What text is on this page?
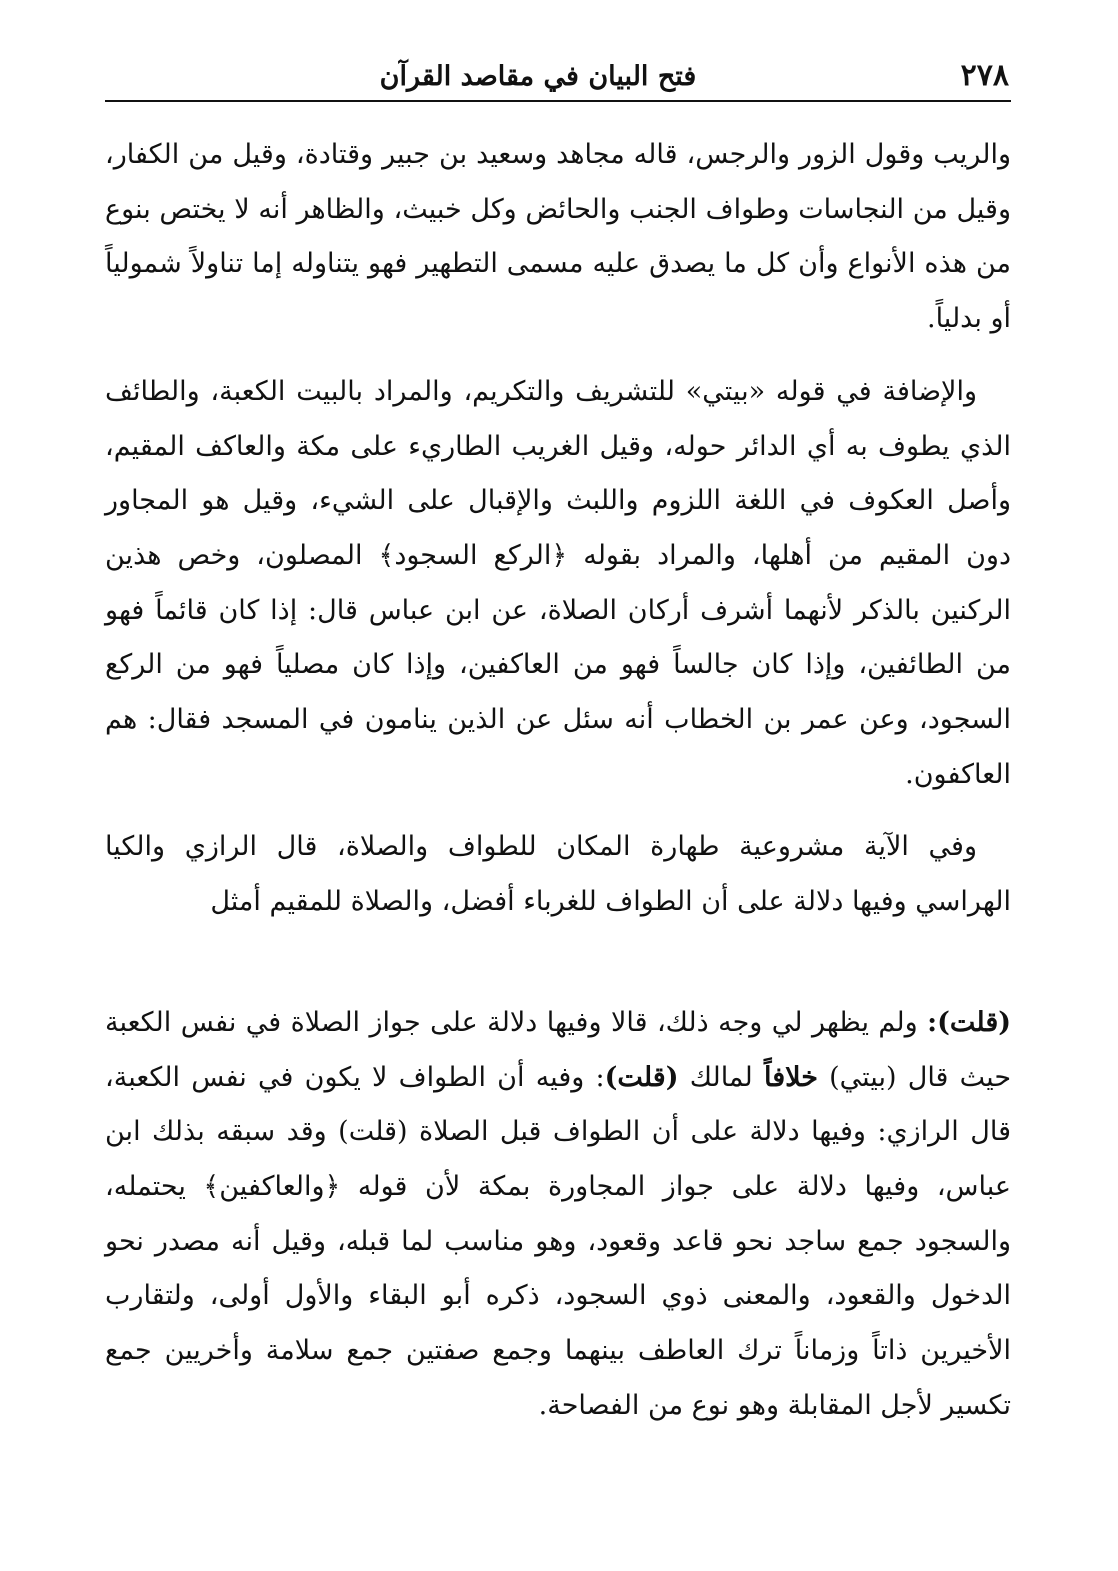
٢٧٨
فتح البيان في مقاصد القرآن

والريب وقول الزور والرجس، قاله مجاهد وسعيد بن جبير وقتادة، وقيل من الكفار، وقيل من النجاسات وطواف الجنب والحائض وكل خبيث، والظاهر أنه لا يختص بنوع من هذه الأنواع وأن كل ما يصدق عليه مسمى التطهير فهو يتناوله إما تناولاً شمولياً أو بدلياً.

والإضافة في قوله «بيتي» للتشريف والتكريم، والمراد بالبيت الكعبة، والطائف الذي يطوف به أي الدائر حوله، وقيل الغريب الطاريء على مكة والعاكف المقيم، وأصل العكوف في اللغة اللزوم واللبث والإقبال على الشيء، وقيل هو المجاور دون المقيم من أهلها، والمراد بقوله ﴿الركع السجود﴾ المصلون، وخص هذين الركنين بالذكر لأنهما أشرف أركان الصلاة، عن ابن عباس قال: إذا كان قائماً فهو من الطائفين، وإذا كان جالساً فهو من العاكفين، وإذا كان مصلياً فهو من الركع السجود، وعن عمر بن الخطاب أنه سئل عن الذين ينامون في المسجد فقال: هم العاكفون.

وفي الآية مشروعية طهارة المكان للطواف والصلاة، قال الرازي والكيا الهراسي وفيها دلالة على أن الطواف للغرباء أفضل، والصلاة للمقيم أمثل

(قلت): ولم يظهر لي وجه ذلك، قالا وفيها دلالة على جواز الصلاة في نفس الكعبة حيث قال (بيتي) خلافاً لمالك (قلت): وفيه أن الطواف لا يكون في نفس الكعبة، قال الرازي: وفيها دلالة على أن الطواف قبل الصلاة (قلت) وقد سبقه بذلك ابن عباس، وفيها دلالة على جواز المجاورة بمكة لأن قوله ﴿والعاكفين﴾ يحتمله، والسجود جمع ساجد نحو قاعد وقعود، وهو مناسب لما قبله، وقيل أنه مصدر نحو الدخول والقعود، والمعنى ذوي السجود، ذكره أبو البقاء والأول أولى، ولتقارب الأخيرين ذاتاً وزماناً ترك العاطف بينهما وجمع صفتين جمع سلامة وأخريين جمع تكسير لأجل المقابلة وهو نوع من الفصاحة.
